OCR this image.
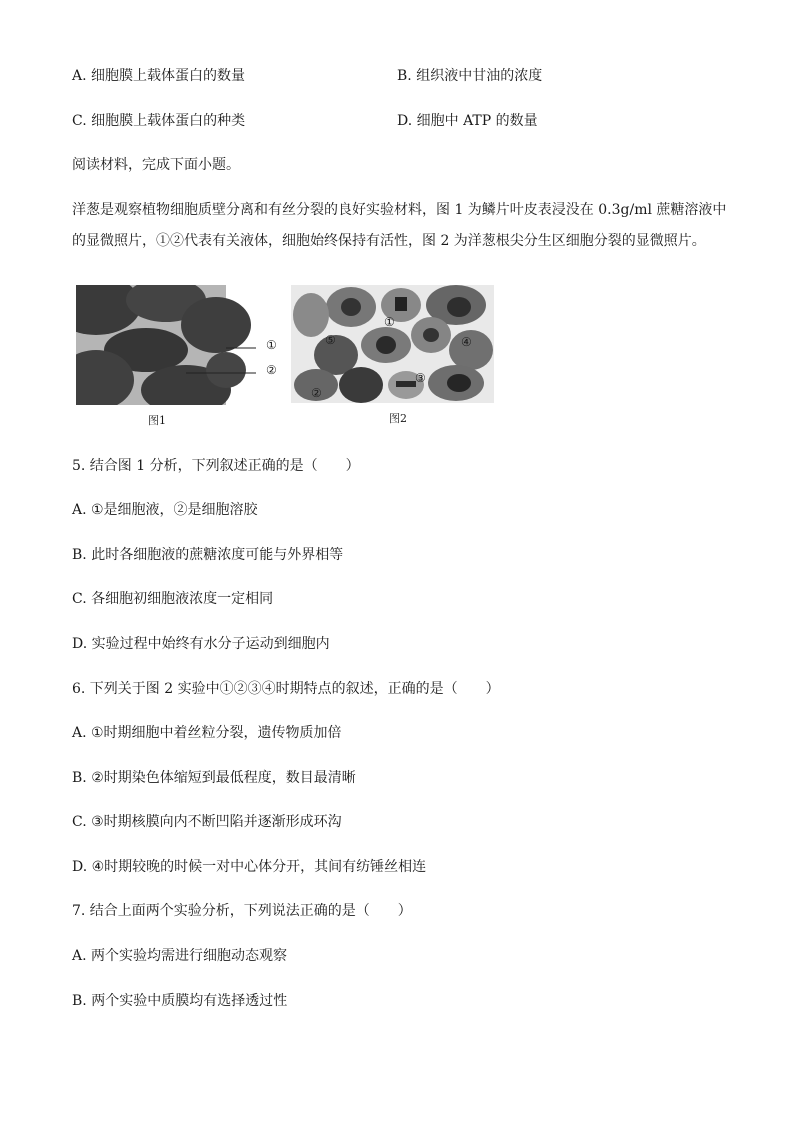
A. 细胞膜上载体蛋白的数量	B. 组织液中甘油的浓度
C. 细胞膜上载体蛋白的种类	D. 细胞中 ATP 的数量
阅读材料，完成下面小题。
洋葱是观察植物细胞质壁分离和有丝分裂的良好实验材料，图 1 为鳞片叶皮表浸没在 0.3g/ml 蔗糖溶液中
的显微照片，①②代表有关液体，细胞始终保持有活性，图 2 为洋葱根尖分生区细胞分裂的显微照片。
①
②
图1
①
②
③
④
⑤
图2
5. 结合图 1 分析，下列叙述正确的是（　　）
A. ①是细胞液，②是细胞溶胶
B. 此时各细胞液的蔗糖浓度可能与外界相等
C. 各细胞初细胞液浓度一定相同
D. 实验过程中始终有水分子运动到细胞内
6. 下列关于图 2 实验中①②③④时期特点的叙述，正确的是（　　）
A. ①时期细胞中着丝粒分裂，遗传物质加倍
B. ②时期染色体缩短到最低程度，数目最清晰
C. ③时期核膜向内不断凹陷并逐渐形成环沟
D. ④时期较晚的时候一对中心体分开，其间有纺锤丝相连
7. 结合上面两个实验分析，下列说法正确的是（　　）
A. 两个实验均需进行细胞动态观察
B. 两个实验中质膜均有选择透过性
